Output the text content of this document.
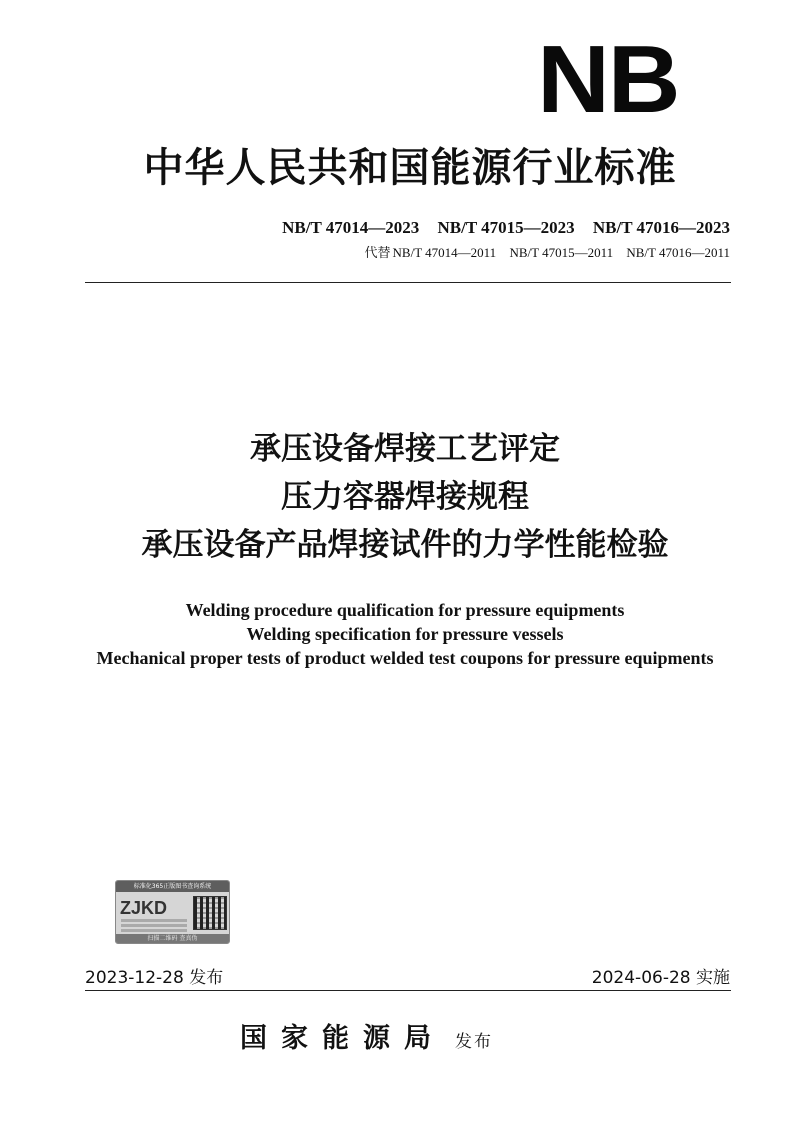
NB
中华人民共和国能源行业标准
NB/T 47014—2023 NB/T 47015—2023 NB/T 47016—2023
代替 NB/T 47014—2011 NB/T 47015—2011 NB/T 47016—2011
承压设备焊接工艺评定
压力容器焊接规程
承压设备产品焊接试件的力学性能检验
Welding procedure qualification for pressure equipments
Welding specification for pressure vessels
Mechanical proper tests of product welded test coupons for pressure equipments
标准化365正版图书查询系统
ZJKD
扫描二维码 查真伪
2023-12-28 发布	2024-06-28 实施
国家能源局 发布
